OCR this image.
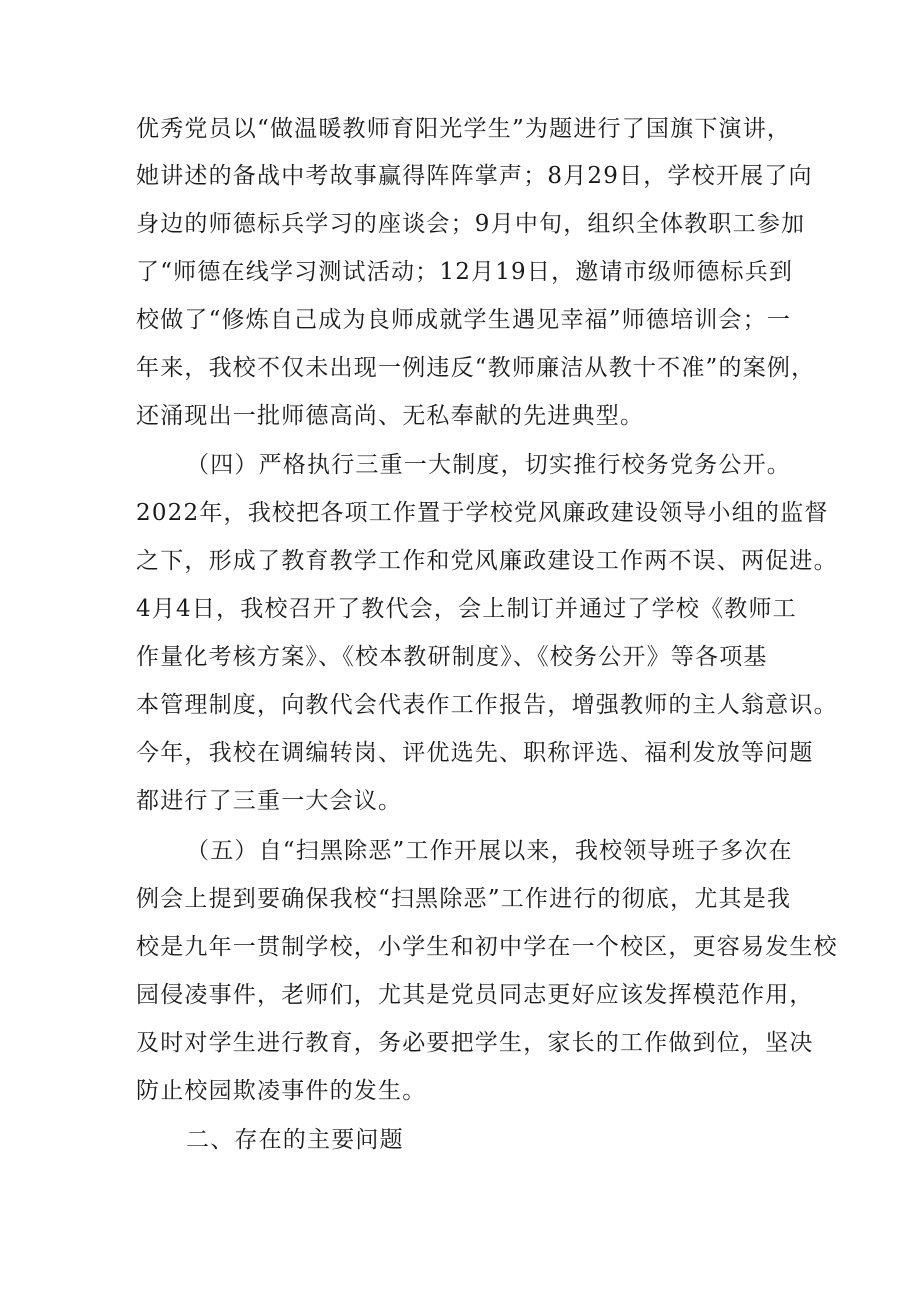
优秀党员以“做温暖教师育阳光学生”为题进行了国旗下演讲，
她讲述的备战中考故事赢得阵阵掌声；8月29日，学校开展了向
身边的师德标兵学习的座谈会；9月中旬，组织全体教职工参加
了“师德在线学习测试活动；12月19日，邀请市级师德标兵到
校做了“修炼自己成为良师成就学生遇见幸福”师德培训会；一
年来，我校不仅未出现一例违反“教师廉洁从教十不准”的案例，
还涌现出一批师德高尚、无私奉献的先进典型。
（四）严格执行三重一大制度，切实推行校务党务公开。
2022年，我校把各项工作置于学校党风廉政建设领导小组的监督
之下，形成了教育教学工作和党风廉政建设工作两不误、两促进。
4月4日，我校召开了教代会，会上制订并通过了学校《教师工
作量化考核方案》、《校本教研制度》、《校务公开》等各项基
本管理制度，向教代会代表作工作报告，增强教师的主人翁意识。
今年，我校在调编转岗、评优选先、职称评选、福利发放等问题
都进行了三重一大会议。
（五）自“扫黑除恶”工作开展以来，我校领导班子多次在
例会上提到要确保我校“扫黑除恶”工作进行的彻底，尤其是我
校是九年一贯制学校，小学生和初中学在一个校区，更容易发生校
园侵凌事件，老师们，尤其是党员同志更好应该发挥模范作用，
及时对学生进行教育，务必要把学生，家长的工作做到位，坚决
防止校园欺凌事件的发生。
二、存在的主要问题
